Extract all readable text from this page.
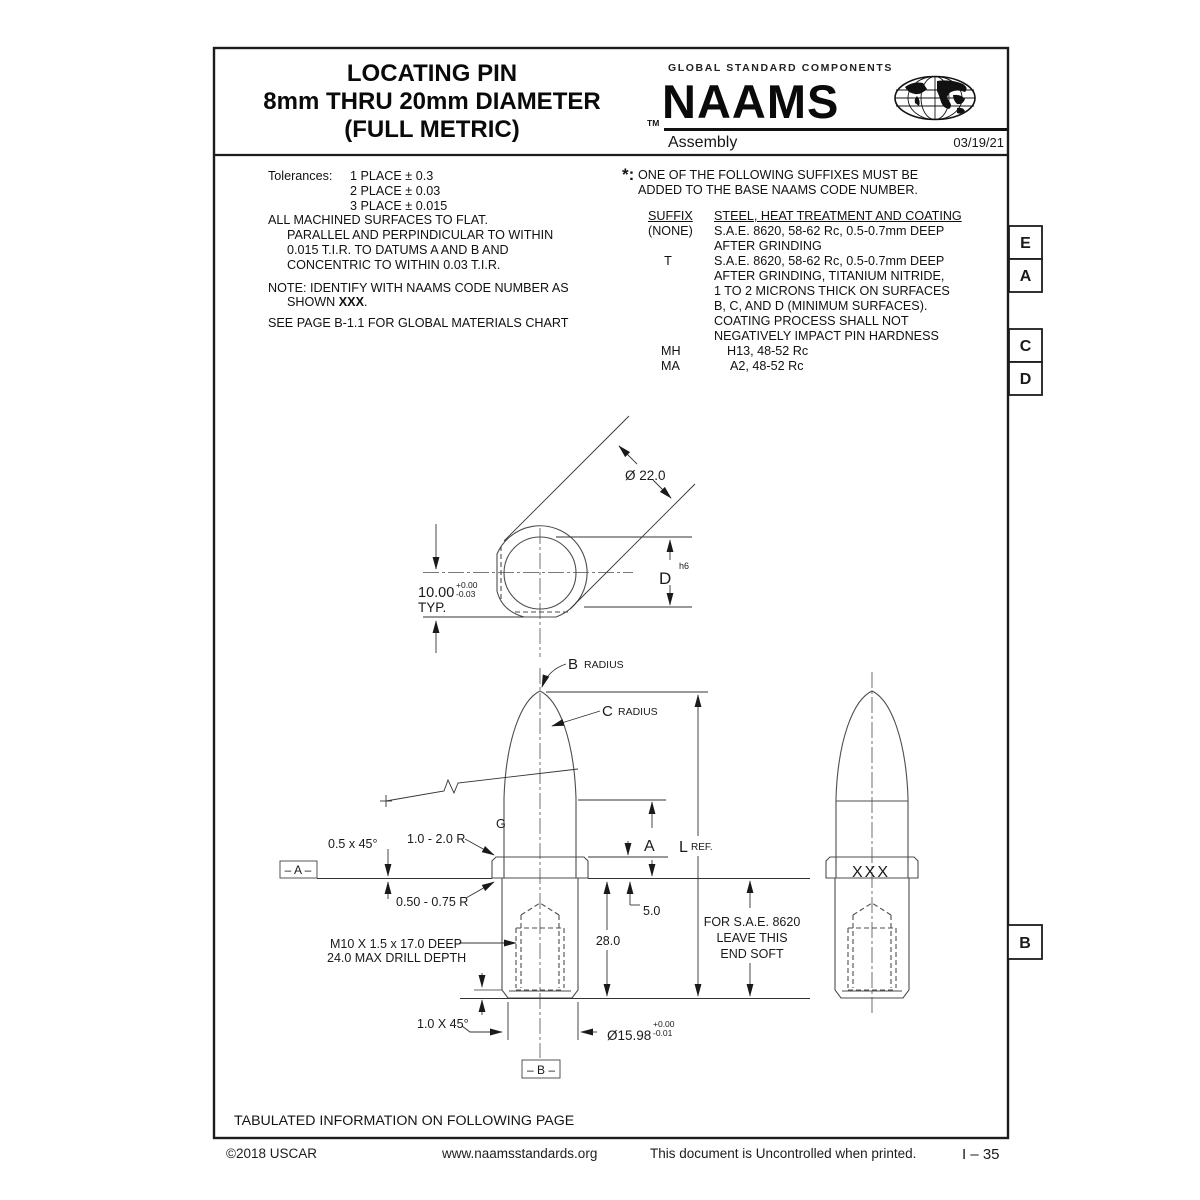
Ø 22.0
D
h6
10.00 +0.00
-0.03
TYP.
B RADIUS
C RADIUS
G
0.5 x 45°
– A –
1.0 - 2.0 R
0.50 - 0.75 R
A L REF.
5.0
28.0
M10 X 1.5 x 17.0 DEEP
24.0 MAX DRILL DEPTH
1.0 X 45°
Ø15.98
+0.00
-0.01
– B –
FOR S.A.E. 8620
LEAVE THIS
END SOFT
XXX
E
A
C
D
B
LOCATING PIN
8mm THRU 20mm DIAMETER
(FULL METRIC)
GLOBAL STANDARD COMPONENTS
TM NAAMS
Assembly	03/19/21
Tolerances:	1 PLACE ± 0.3
2 PLACE ± 0.03
3 PLACE ± 0.015
ALL MACHINED SURFACES TO FLAT.
PARALLEL AND PERPINDICULAR TO WITHIN
0.015 T.I.R. TO DATUMS A AND B AND
CONCENTRIC TO WITHIN 0.03 T.I.R.
NOTE: IDENTIFY WITH NAAMS CODE NUMBER AS
SHOWN XXX.
SEE PAGE B-1.1 FOR GLOBAL MATERIALS CHART
*: ONE OF THE FOLLOWING SUFFIXES MUST BE
ADDED TO THE BASE NAAMS CODE NUMBER.
SUFFIX	STEEL, HEAT TREATMENT AND COATING
(NONE)	S.A.E. 8620, 58-62 Rc, 0.5-0.7mm DEEP
AFTER GRINDING
T	S.A.E. 8620, 58-62 Rc, 0.5-0.7mm DEEP
AFTER GRINDING, TITANIUM NITRIDE,
1 TO 2 MICRONS THICK ON SURFACES
B, C, AND D (MINIMUM SURFACES).
COATING PROCESS SHALL NOT
NEGATIVELY IMPACT PIN HARDNESS
MH	H13, 48-52 Rc
MA	A2, 48-52 Rc
TABULATED INFORMATION ON FOLLOWING PAGE
©2018 USCAR	www.naamsstandards.org	This document is Uncontrolled when printed.	I – 35
